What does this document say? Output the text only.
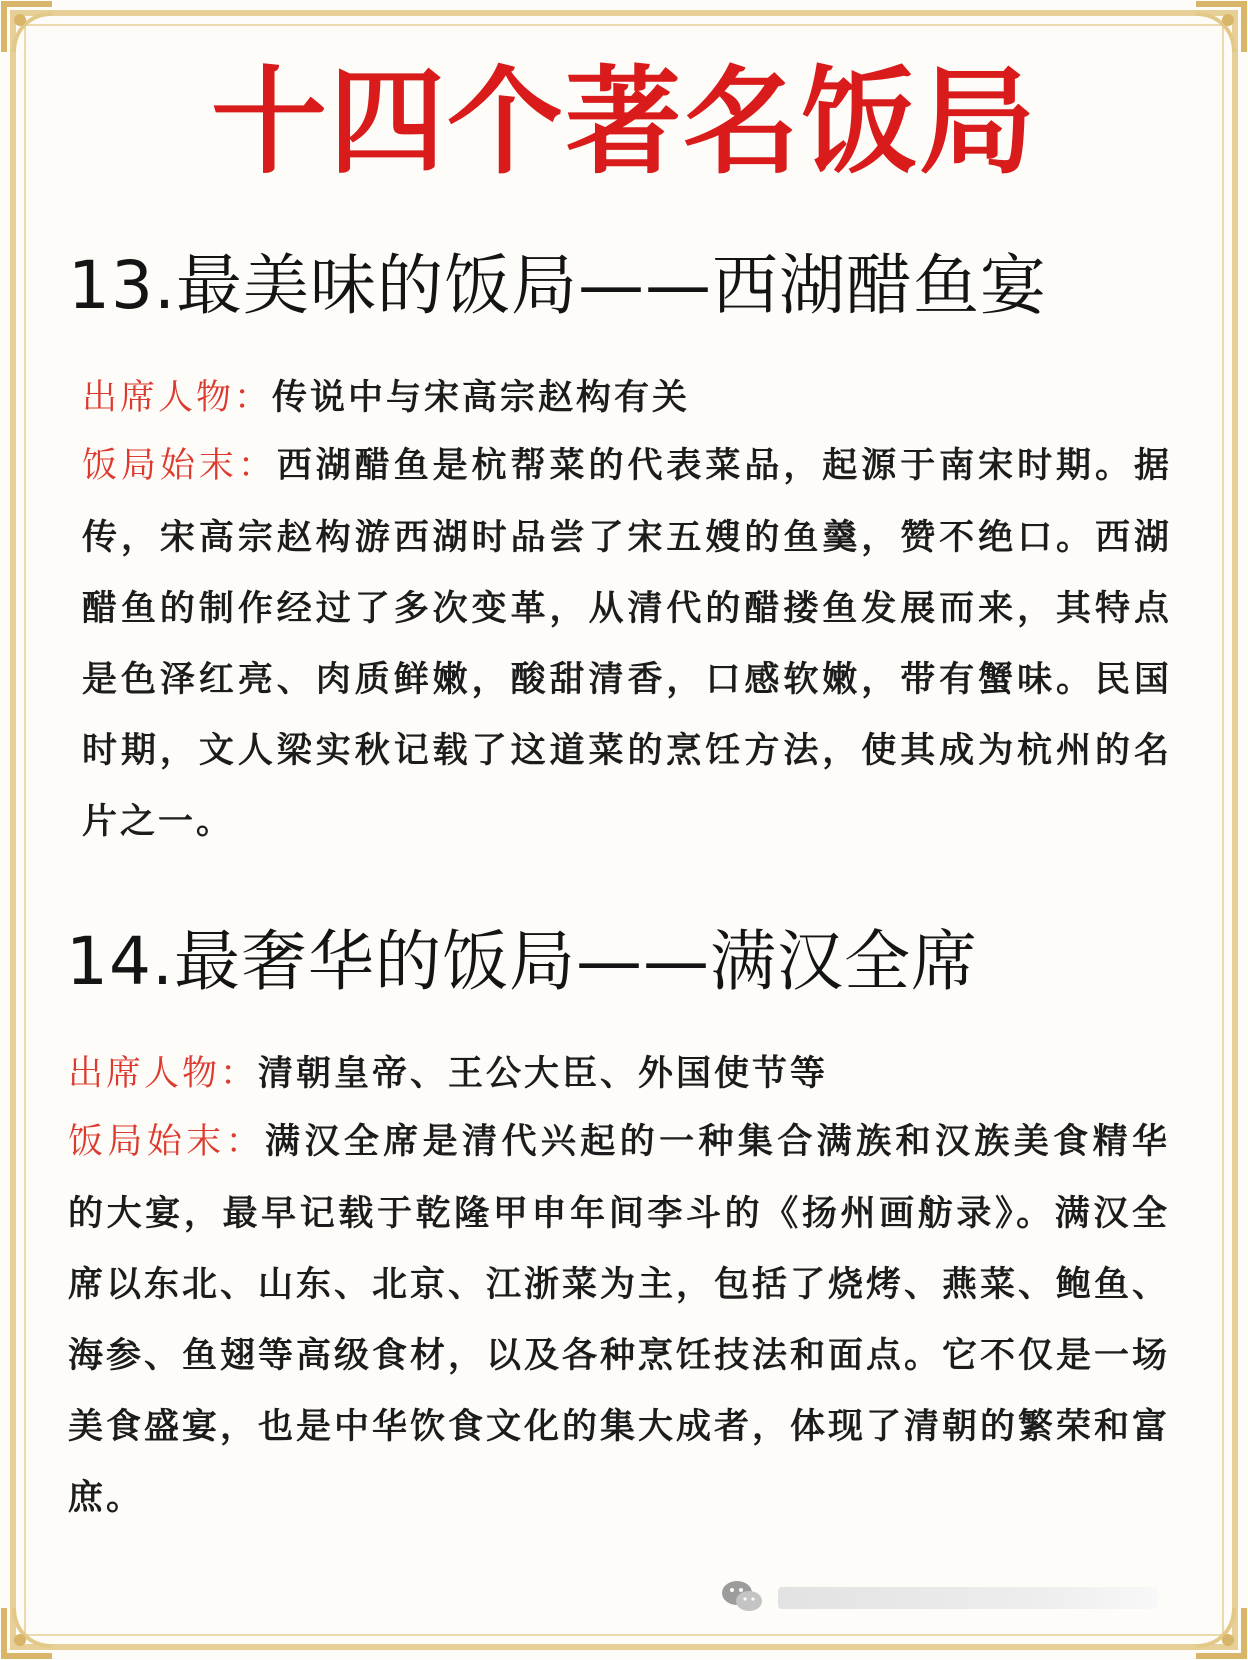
十四个著名饭局
13.最美味的饭局——西湖醋鱼宴

出席人物：传说中与宋高宗赵构有关

饭局始末：西湖醋鱼是杭帮菜的代表菜品，起源于南宋时期。据传，宋高宗赵构游西湖时品尝了宋五嫂的鱼羹，赞不绝口。西湖醋鱼的制作经过了多次变革，从清代的醋搂鱼发展而来，其特点是色泽红亮、肉质鲜嫩，酸甜清香，口感软嫩，带有蟹味。民国时期，文人梁实秋记载了这道菜的烹饪方法，使其成为杭州的名片之一。

14.最奢华的饭局——满汉全席

出席人物：清朝皇帝、王公大臣、外国使节等

饭局始末：满汉全席是清代兴起的一种集合满族和汉族美食精华的大宴，最早记载于乾隆甲申年间李斗的《扬州画舫录》。满汉全席以东北、山东、北京、江浙菜为主，包括了烧烤、燕菜、鲍鱼、海参、鱼翅等高级食材，以及各种烹饪技法和面点。它不仅是一场美食盛宴，也是中华饮食文化的集大成者，体现了清朝的繁荣和富庶。
